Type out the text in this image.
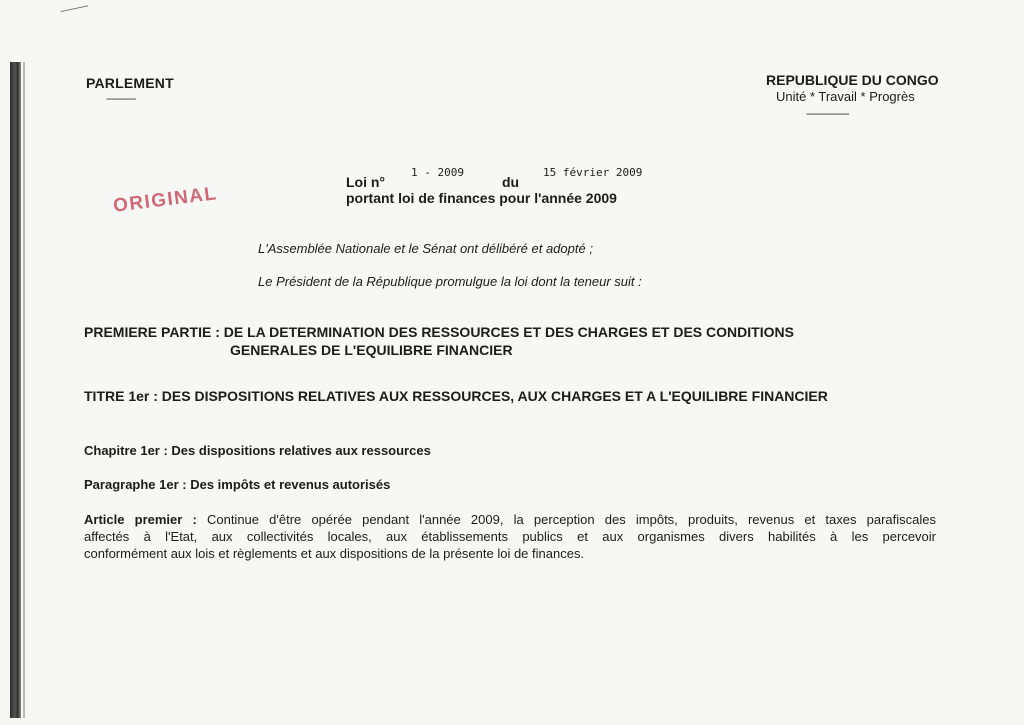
PARLEMENT
-----------
REPUBLIQUE DU CONGO
Unité * Travail * Progrès
----------------
Loi n°
1 - 2009
du
15 février 2009
portant loi de finances pour l'année 2009
ORIGINAL
L'Assemblée Nationale et le Sénat ont délibéré et adopté ;
Le Président de la République promulgue la loi dont la teneur suit :
PREMIERE PARTIE : DE LA DETERMINATION DES RESSOURCES ET DES CHARGES ET DES CONDITIONS
GENERALES DE L'EQUILIBRE FINANCIER
TITRE 1er : DES DISPOSITIONS RELATIVES AUX RESSOURCES, AUX CHARGES ET A L'EQUILIBRE FINANCIER
Chapitre 1er : Des dispositions relatives aux ressources
Paragraphe 1er : Des impôts et revenus autorisés
Article premier : Continue d'être opérée pendant l'année 2009, la perception des impôts, produits, revenus et taxes parafiscales
affectés à l'Etat, aux collectivités locales, aux établissements publics et aux organismes divers habilités à les percevoir
conformément aux lois et règlements et aux dispositions de la présente loi de finances.
